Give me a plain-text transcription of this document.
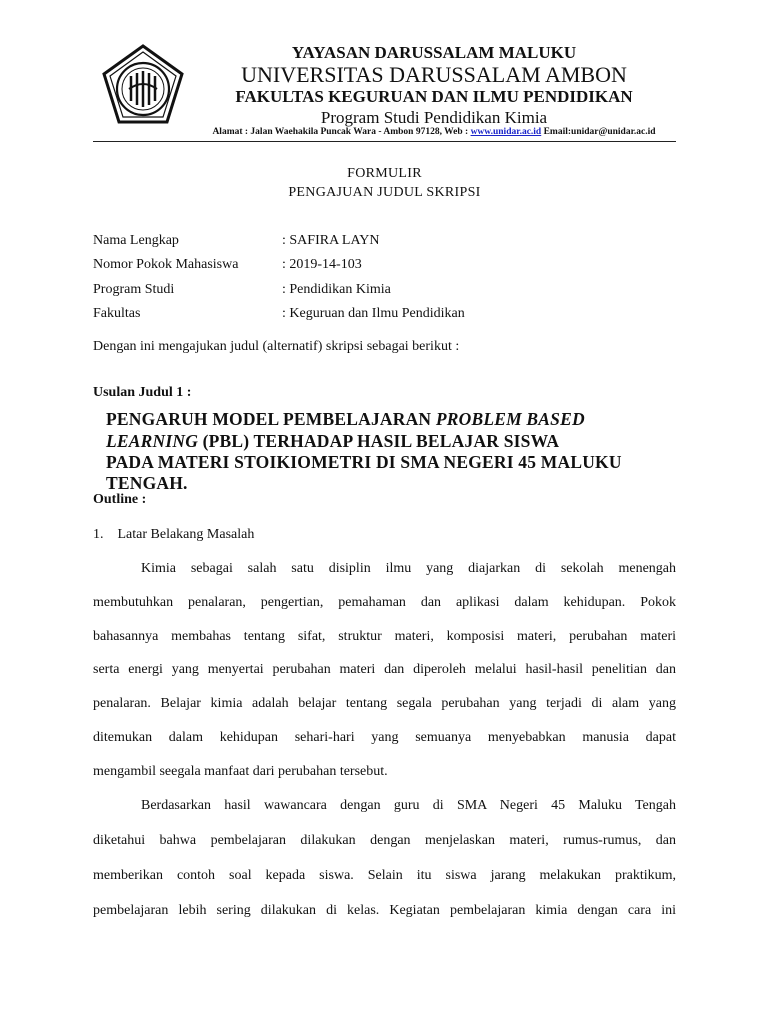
UD
YAYASAN DARUSSALAM MALUKU
UNIVERSITAS DARUSSALAM AMBON
FAKULTAS KEGURUAN DAN ILMU PENDIDIKAN
Program Studi Pendidikan Kimia
Alamat : Jalan Waehakila Puncak Wara - Ambon 97128, Web : www.unidar.ac.id Email:unidar@unidar.ac.id
FORMULIR
PENGAJUAN JUDUL SKRIPSI
Nama Lengkap	: SAFIRA LAYN
Nomor Pokok Mahasiswa	: 2019-14-103
Program Studi	: Pendidikan Kimia
Fakultas	: Keguruan dan Ilmu Pendidikan
Dengan ini mengajukan judul (alternatif) skripsi sebagai berikut :
Usulan Judul 1 :
PENGARUH MODEL PEMBELAJARAN PROBLEM BASED
LEARNING (PBL) TERHADAP HASIL BELAJAR SISWA
PADA MATERI STOIKIOMETRI DI SMA NEGERI 45 MALUKU
TENGAH.
Outline :
1.    Latar Belakang Masalah
Kimia sebagai salah satu disiplin ilmu yang diajarkan di sekolah menengah
membutuhkan penalaran, pengertian, pemahaman dan aplikasi dalam kehidupan. Pokok
bahasannya membahas tentang sifat, struktur materi, komposisi materi, perubahan materi
serta energi yang menyertai perubahan materi dan diperoleh melalui hasil-hasil penelitian dan
penalaran. Belajar kimia adalah belajar tentang segala perubahan yang terjadi di alam yang
ditemukan dalam kehidupan sehari-hari yang semuanya menyebabkan manusia dapat
mengambil seegala manfaat dari perubahan tersebut.
Berdasarkan hasil wawancara dengan guru di SMA Negeri 45 Maluku Tengah
diketahui bahwa pembelajaran dilakukan dengan menjelaskan materi, rumus-rumus, dan
memberikan contoh soal kepada siswa. Selain itu siswa jarang melakukan praktikum,
pembelajaran lebih sering dilakukan di kelas. Kegiatan pembelajaran kimia dengan cara ini
